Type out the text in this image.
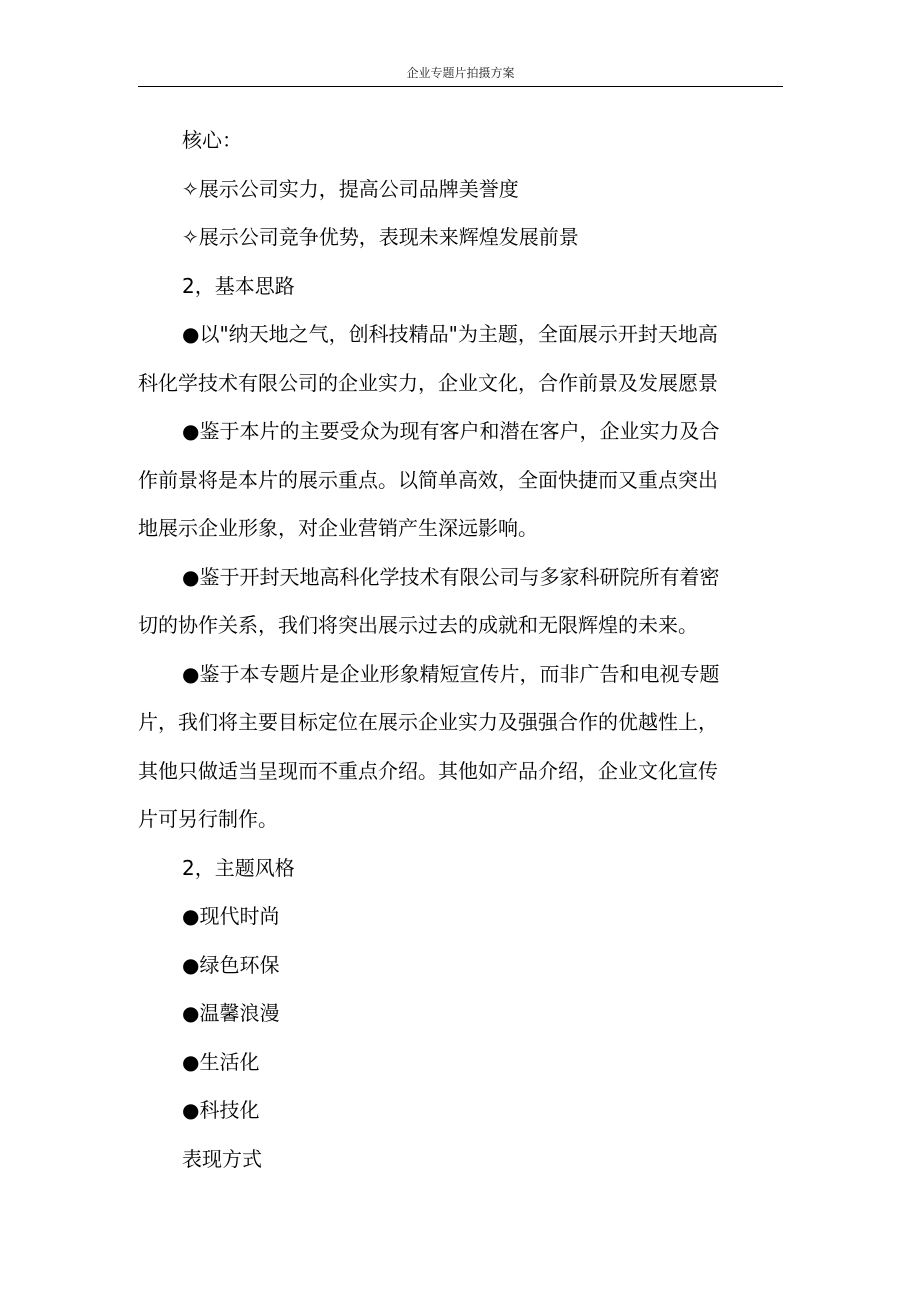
企业专题片拍摄方案

核心：

✧展示公司实力，提高公司品牌美誉度

✧展示公司竞争优势，表现未来辉煌发展前景

2，基本思路

●以"纳天地之气，创科技精品"为主题，全面展示开封天地高

科化学技术有限公司的企业实力，企业文化，合作前景及发展愿景

●鉴于本片的主要受众为现有客户和潜在客户，企业实力及合

作前景将是本片的展示重点。以简单高效，全面快捷而又重点突出

地展示企业形象，对企业营销产生深远影响。

●鉴于开封天地高科化学技术有限公司与多家科研院所有着密

切的协作关系，我们将突出展示过去的成就和无限辉煌的未来。

●鉴于本专题片是企业形象精短宣传片，而非广告和电视专题

片，我们将主要目标定位在展示企业实力及强强合作的优越性上，

其他只做适当呈现而不重点介绍。其他如产品介绍，企业文化宣传

片可另行制作。

2，主题风格

●现代时尚

●绿色环保

●温馨浪漫

●生活化

●科技化

表现方式
